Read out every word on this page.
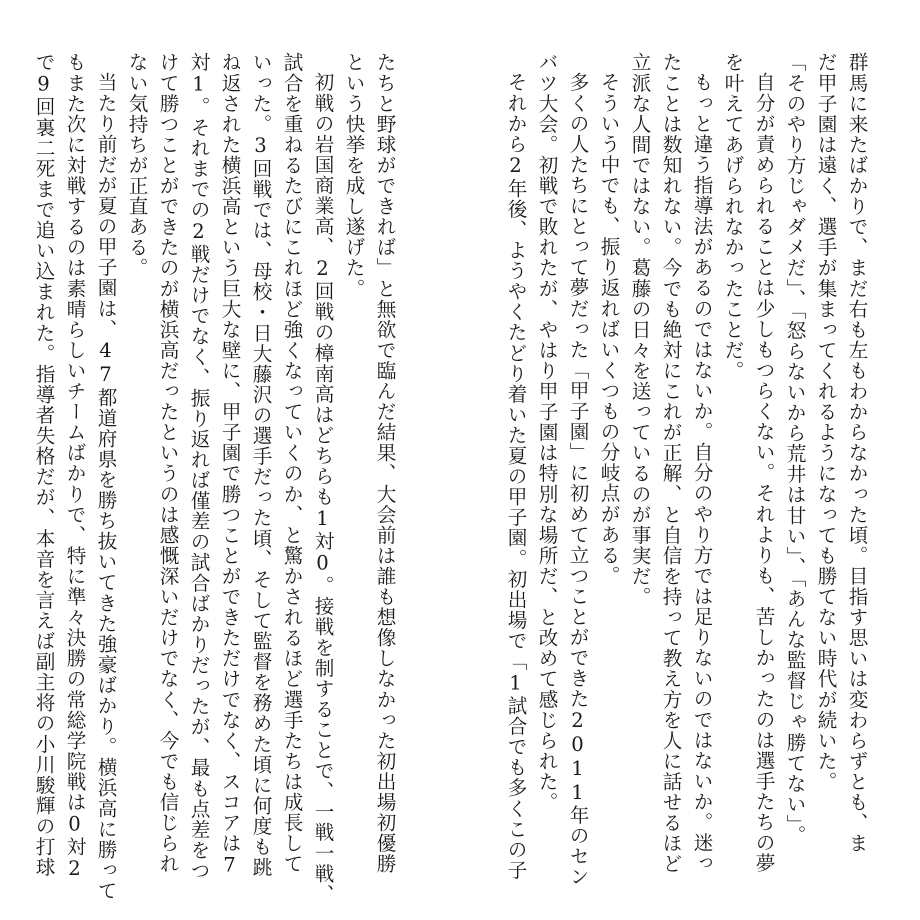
群馬に来たばかりで、まだ右も左もわからなかった頃。目指す思いは変わらずとも、ま
だ甲子園は遠く、選手が集まってくれるようになっても勝てない時代が続いた。
「そのやり方じゃダメだ」、「怒らないから荒井は甘い」、「あんな監督じゃ勝てない」。
自分が責められることは少しもつらくない。それよりも、苦しかったのは選手たちの夢
を叶えてあげられなかったことだ。
もっと違う指導法があるのではないか。自分のやり方では足りないのではないか。迷っ
たことは数知れない。今でも絶対にこれが正解、と自信を持って教え方を人に話せるほど
立派な人間ではない。葛藤の日々を送っているのが事実だ。
そういう中でも、振り返ればいくつもの分岐点がある。
多くの人たちにとって夢だった「甲子園」に初めて立つことができた2011年のセン
バツ大会。初戦で敗れたが、やはり甲子園は特別な場所だ、と改めて感じられた。
それから2年後、ようやくたどり着いた夏の甲子園。初出場で「1試合でも多くこの子
たちと野球ができれば」と無欲で臨んだ結果、大会前は誰も想像しなかった初出場初優勝
という快挙を成し遂げた。
初戦の岩国商業高、2回戦の樟南高はどちらも1対0。接戦を制することで、一戦一戦、
試合を重ねるたびにこれほど強くなっていくのか、と驚かされるほど選手たちは成長して
いった。3回戦では、母校・日大藤沢の選手だった頃、そして監督を務めた頃に何度も跳
ね返された横浜高という巨大な壁に、甲子園で勝つことができただけでなく、スコアは7
対1。それまでの2戦だけでなく、振り返れば僅差の試合ばかりだったが、最も点差をつ
けて勝つことができたのが横浜高だったというのは感慨深いだけでなく、今でも信じられ
ない気持ちが正直ある。
当たり前だが夏の甲子園は、47都道府県を勝ち抜いてきた強豪ばかり。横浜高に勝って
もまた次に対戦するのは素晴らしいチームばかりで、特に準々決勝の常総学院戦は0対2
で9回裏二死まで追い込まれた。指導者失格だが、本音を言えば副主将の小川駿輝の打球
